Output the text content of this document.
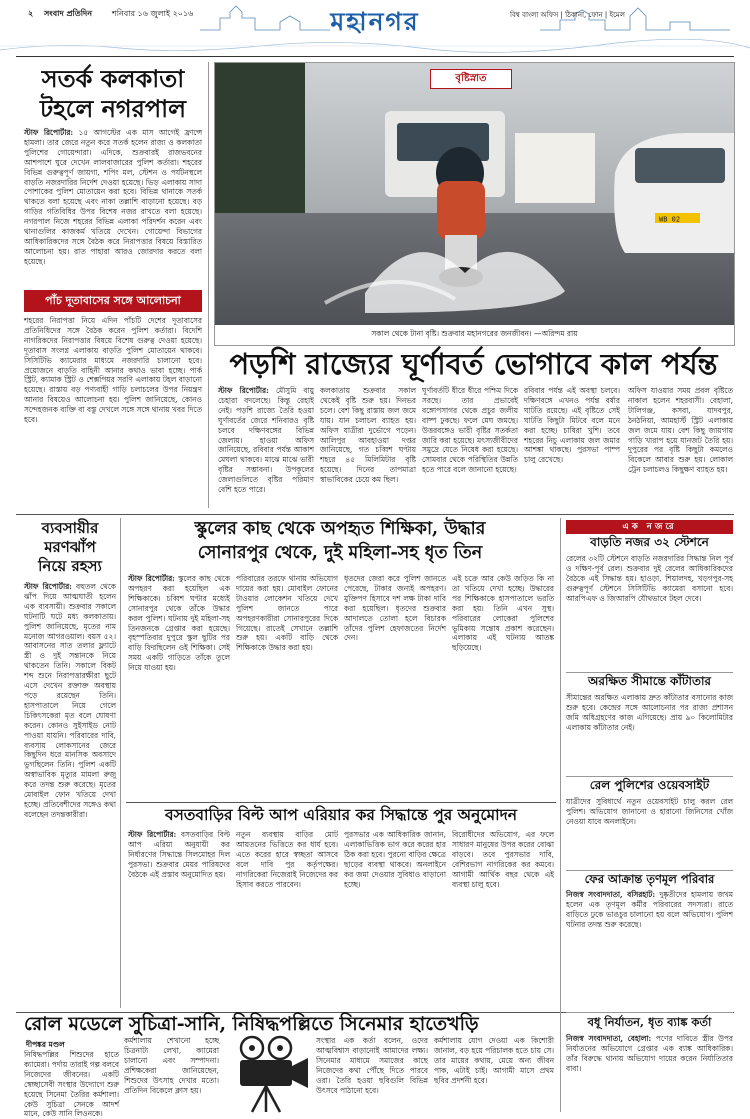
২ সংবাদ প্রতিদিন শনিবার ১৬ জুলাই ২০১৬	মহানগর	বিশ্ব বাংলা অফিস | ঠিকানা, ফোন | ইমেল
সতর্ক কলকাতা
টহলে নগরপাল

স্টাফ রিপোর্টার: ১৫ আগস্টের এক মাস আগেই ফ্রান্সে হামলা। তার জেরে নতুন করে সতর্ক হলেন রাজ্য ও কলকাতা পুলিশের গোয়েন্দারা। এদিকে, শুক্রবারই রাজভবনের আশপাশে ঘুরে দেখেন লালবাজারের পুলিশ কর্তারা। শহরের বিভিন্ন গুরুত্বপূর্ণ জায়গা, শপিং মল, স্টেশন ও পর্যটনস্থলে বাড়তি নজরদারির নির্দেশ দেওয়া হয়েছে। ভিড় এলাকায় সাদা পোশাকের পুলিশ মোতায়েন করা হবে। বিভিন্ন থানাকে সতর্ক থাকতে বলা হয়েছে এবং নাকা তল্লাশি বাড়ানো হয়েছে। বড় গাড়ির গতিবিধির উপর বিশেষ নজর রাখতে বলা হয়েছে। নগরপাল নিজে শহরের বিভিন্ন এলাকা পরিদর্শন করেন এবং থানাগুলির কাজকর্ম খতিয়ে দেখেন। গোয়েন্দা বিভাগের আধিকারিকদের সঙ্গে বৈঠক করে নিরাপত্তার বিষয়ে বিস্তারিত আলোচনা হয়। রাত পাহারা আরও জোরদার করতে বলা হয়েছে।

পাঁচ দূতাবাসের সঙ্গে আলোচনা
শহরের নিরাপত্তা নিয়ে এদিন পাঁচটি দেশের দূতাবাসের প্রতিনিধিদের সঙ্গে বৈঠক করেন পুলিশ কর্তারা। বিদেশি নাগরিকদের নিরাপত্তার বিষয়ে বিশেষ গুরুত্ব দেওয়া হয়েছে। দূতাবাস সংলগ্ন এলাকায় বাড়তি পুলিশ মোতায়েন থাকবে। সিসিটিভি ক্যামেরার মাধ্যমে নজরদারি চালানো হবে। প্রয়োজনে বাড়তি বাহিনী আনার কথাও ভাবা হচ্ছে। পার্ক স্ট্রিট, ক্যামাক স্ট্রিট ও শেক্সপিয়র সরণি এলাকায় টহল বাড়ানো হয়েছে। রাস্তায় বড় পণ্যবাহী গাড়ি চলাচলের উপর নিয়ন্ত্রণ আনার বিষয়েও আলোচনা হয়। পুলিশ জানিয়েছে, কোনও সন্দেহজনক ব্যক্তি বা বস্তু দেখলে সঙ্গে সঙ্গে থানায় খবর দিতে হবে।
WB 02
বৃষ্টিস্নাত
সকাল থেকে টানা বৃষ্টি। শুক্রবার মহানগরের জনজীবন। —অরিন্দম রায়
পড়শি রাজ্যের ঘূর্ণাবর্ত ভোগাবে কাল পর্যন্ত

স্টাফ রিপোর্টার: মৌসুমি বায়ু চেহারা বদলেছে। কিন্তু রেহাই নেই। পড়শি রাজ্যে তৈরি হওয়া ঘূর্ণাবর্তের জেরে শনিবারও বৃষ্টি চলবে দক্ষিণবঙ্গের বিভিন্ন জেলায়। হাওয়া অফিস জানিয়েছে, রবিবার পর্যন্ত আকাশ মেঘলা থাকবে। মাঝে মাঝে ভারী বৃষ্টির সম্ভাবনা। উপকূলের জেলাগুলিতে বৃষ্টির পরিমাণ বেশি হতে পারে।

কলকাতায় শুক্রবার সকাল থেকেই বৃষ্টি শুরু হয়। দিনভর চলে। বেশ কিছু রাস্তায় জল জমে যায়। যান চলাচল ব্যাহত হয়। অফিস যাত্রীরা দুর্ভোগে পড়েন। আলিপুর আবহাওয়া দপ্তর জানিয়েছে, গত চব্বিশ ঘণ্টায় শহরে ৪৫ মিলিমিটার বৃষ্টি হয়েছে। দিনের তাপমাত্রা স্বাভাবিকের চেয়ে কম ছিল।
ঘূর্ণাবর্তটি ধীরে ধীরে পশ্চিম দিকে সরছে। তার প্রভাবেই বঙ্গোপসাগর থেকে প্রচুর জলীয় বাষ্প ঢুকছে। ফলে মেঘ জমছে। উত্তরবঙ্গেও ভারী বৃষ্টির সতর্কতা জারি করা হয়েছে। মৎস্যজীবীদের সমুদ্রে যেতে নিষেধ করা হয়েছে। সোমবার থেকে পরিস্থিতির উন্নতি হতে পারে বলে জানানো হয়েছে।
রবিবার পর্যন্ত এই অবস্থা চলবে। দক্ষিণবঙ্গে এখনও পর্যন্ত বর্ষার ঘাটতি রয়েছে। এই বৃষ্টিতে সেই ঘাটতি কিছুটা মিটবে বলে মনে করা হচ্ছে। চাষিরা খুশি। তবে শহরের নিচু এলাকায় জল জমার আশঙ্কা থাকছে। পুরসভা পাম্প চালু রেখেছে।
অফিস যাওয়ার সময় প্রবল বৃষ্টিতে নাকাল হলেন শহরবাসী। বেহালা, টালিগঞ্জ, কসবা, যাদবপুর, ঠনঠনিয়া, আমহার্স্ট স্ট্রিট এলাকায় জল জমে যায়। বেশ কিছু জায়গায় গাড়ি খারাপ হয়ে যানজট তৈরি হয়। দুপুরের পর বৃষ্টি কিছুটা কমলেও বিকেলে আবার শুরু হয়। লোকাল ট্রেন চলাচলও কিছুক্ষণ ব্যাহত হয়।
ব্যবসায়ীর
মরণঝাঁপ
নিয়ে রহস্য

স্টাফ রিপোর্টার: বহুতল থেকে ঝাঁপ দিয়ে আত্মঘাতী হলেন এক ব্যবসায়ী। শুক্রবার সকালে ঘটনাটি ঘটে মধ্য কলকাতায়। পুলিশ জানিয়েছে, মৃতের নাম মনোজ আগরওয়াল। বয়স ৫২। আবাসনের সাত তলার ফ্ল্যাটে স্ত্রী ও দুই সন্তানকে নিয়ে থাকতেন তিনি। সকালে বিকট শব্দ শুনে নিরাপত্তারক্ষীরা ছুটে এসে দেখেন রক্তাক্ত অবস্থায় পড়ে রয়েছেন তিনি। হাসপাতালে নিয়ে গেলে চিকিৎসকেরা মৃত বলে ঘোষণা করেন। কোনও সুইসাইড নোট পাওয়া যায়নি। পরিবারের দাবি, ব্যবসায় লোকসানের জেরে কিছুদিন ধরে মানসিক অবসাদে ভুগছিলেন তিনি। পুলিশ একটি অস্বাভাবিক মৃত্যুর মামলা রুজু করে তদন্ত শুরু করেছে। মৃতের মোবাইল ফোন খতিয়ে দেখা হচ্ছে। প্রতিবেশীদের সঙ্গেও কথা বলেছেন তদন্তকারীরা।

স্কুলের কাছ থেকে অপহৃত শিক্ষিকা, উদ্ধার
সোনারপুর থেকে, দুই মহিলা-সহ ধৃত তিন

স্টাফ রিপোর্টার: স্কুলের কাছ থেকে অপহরণ করা হয়েছিল এক শিক্ষিকাকে। চব্বিশ ঘণ্টার মধ্যেই সোনারপুর থেকে তাঁকে উদ্ধার করল পুলিশ। ঘটনায় দুই মহিলা-সহ তিনজনকে গ্রেপ্তার করা হয়েছে। বৃহস্পতিবার দুপুরে স্কুল ছুটির পর বাড়ি ফিরছিলেন ওই শিক্ষিকা। সেই সময় একটি গাড়িতে তাঁকে তুলে নিয়ে যাওয়া হয়।

পরিবারের তরফে থানায় অভিযোগ দায়ের করা হয়। মোবাইল ফোনের টাওয়ার লোকেশন খতিয়ে দেখে পুলিশ জানতে পারে অপহরণকারীরা সোনারপুরের দিকে গিয়েছে। রাতেই সেখানে তল্লাশি শুরু হয়। একটি বাড়ি থেকে শিক্ষিকাকে উদ্ধার করা হয়।
ধৃতদের জেরা করে পুলিশ জানতে পেরেছে, টাকার জন্যই অপহরণ। মুক্তিপণ হিসাবে দশ লক্ষ টাকা দাবি করা হয়েছিল। ধৃতদের শুক্রবার আদালতে তোলা হলে বিচারক তাঁদের পুলিশ হেফাজতের নির্দেশ দেন।
এই চক্রে আর কেউ জড়িত কি না তা খতিয়ে দেখা হচ্ছে। উদ্ধারের পর শিক্ষিকাকে হাসপাতালে ভরতি করা হয়। তিনি এখন সুস্থ। পরিবারের লোকেরা পুলিশের ভূমিকায় সন্তোষ প্রকাশ করেছেন। এলাকায় এই ঘটনায় আতঙ্ক ছড়িয়েছে।
এক নজরে
বাড়তি নজর ৩২ স্টেশনে
রেলের ৩২টি স্টেশনে বাড়তি নজরদারির সিদ্ধান্ত নিল পূর্ব ও দক্ষিণ-পূর্ব রেল। শুক্রবার দুই রেলের আধিকারিকদের বৈঠকে এই সিদ্ধান্ত হয়। হাওড়া, শিয়ালদহ, খড়গপুর-সহ গুরুত্বপূর্ণ স্টেশনে সিসিটিভি ক্যামেরা বসানো হবে। আরপিএফ ও জিআরপি যৌথভাবে টহল দেবে।
অরক্ষিত সীমান্তে কাঁটাতার
সীমান্তের অরক্ষিত এলাকায় দ্রুত কাঁটাতার বসানোর কাজ শুরু হবে। কেন্দ্রের সঙ্গে আলোচনার পর রাজ্য প্রশাসন জমি অধিগ্রহণের কাজ এগিয়েছে। প্রায় ৯০ কিলোমিটার এলাকায় কাঁটাতার নেই।
রেল পুলিশের ওয়েবসাইট
যাত্রীদের সুবিধার্থে নতুন ওয়েবসাইট চালু করল রেল পুলিশ। অভিযোগ জানানো ও হারানো জিনিসের খোঁজ নেওয়া যাবে অনলাইনে।
বসতবাড়ির বিল্ট আপ এরিয়ার কর সিদ্ধান্তে পুর অনুমোদন

স্টাফ রিপোর্টার: বসতবাড়ির বিল্ট আপ এরিয়া অনুযায়ী কর নির্ধারণের সিদ্ধান্তে সিলমোহর দিল পুরসভা। শুক্রবার মেয়র পারিষদের বৈঠকে এই প্রস্তাব অনুমোদিত হয়।

নতুন ব্যবস্থায় বাড়ির মোট আয়তনের ভিত্তিতে কর ধার্য হবে। এতে করের হারে স্বচ্ছতা আসবে বলে দাবি পুর কর্তৃপক্ষের। নাগরিকেরা নিজেরাই নিজেদের কর হিসাব করতে পারবেন।
পুরসভার এক আধিকারিক জানান, এলাকাভিত্তিক ভাগ করে করের হার ঠিক করা হবে। পুরনো বাড়ির ক্ষেত্রে ছাড়ের ব্যবস্থা থাকবে। অনলাইনে কর জমা দেওয়ার সুবিধাও বাড়ানো হচ্ছে।
বিরোধীদের অভিযোগ, এর ফলে সাধারণ মানুষের উপর করের বোঝা বাড়বে। তবে পুরসভার দাবি, বেশিরভাগ নাগরিকের কর কমবে। আগামী আর্থিক বছর থেকে এই ব্যবস্থা চালু হবে।
রোল মডেলে সুচিত্রা-সানি, নিষিদ্ধপল্লিতে সিনেমার হাতেখড়ি
দীপঙ্কর মণ্ডল
নিষিদ্ধপল্লির শিশুদের হাতে ক্যামেরা। পর্দায় তারাই গল্প বলবে নিজেদের জীবনের। একটি স্বেচ্ছাসেবী সংস্থার উদ্যোগে শুরু হয়েছে সিনেমা তৈরির কর্মশালা। কেউ সুচিত্রা সেনকে আদর্শ মানে, কেউ সানি লিওনকে।
কর্মশালায় শেখানো হচ্ছে চিত্রনাট্য লেখা, ক্যামেরা চালানো এবং সম্পাদনা। প্রশিক্ষকেরা জানিয়েছেন, শিশুদের উৎসাহ দেখার মতো। প্রতিদিন বিকেলে ক্লাস হয়।
সংস্থার এক কর্তা বলেন, ওদের আত্মবিশ্বাস বাড়ানোই আমাদের লক্ষ্য। সিনেমার মাধ্যমে সমাজের কাছে নিজেদের কথা পৌঁছে দিতে পারবে ওরা। তৈরি হওয়া ছবিগুলি বিভিন্ন উৎসবে পাঠানো হবে।
কর্মশালায় যোগ দেওয়া এক কিশোরী জানাল, বড় হয়ে পরিচালক হতে চায় সে। তার মায়ের কথায়, মেয়ে অন্য জীবন পাক, এটাই চাই। আগামী মাসে প্রথম ছবির প্রদর্শনী হবে।
ফের আক্রান্ত তৃণমূল পরিবার

নিজস্ব সংবাদদাতা, বসিরহাট: দুষ্কৃতীদের হামলায় জখম হলেন এক তৃণমূল কর্মীর পরিবারের সদস্যরা। রাতে বাড়িতে ঢুকে ভাঙচুর চালানো হয় বলে অভিযোগ। পুলিশ ঘটনার তদন্ত শুরু করেছে।

বধূ নির্যাতন, ধৃত ব্যাঙ্ক কর্তা

নিজস্ব সংবাদদাতা, বেহালা: পণের দাবিতে স্ত্রীর উপর নির্যাতনের অভিযোগে গ্রেপ্তার এক ব্যাঙ্ক আধিকারিক। তাঁর বিরুদ্ধে থানায় অভিযোগ দায়ের করেন নির্যাতিতার বাবা।
